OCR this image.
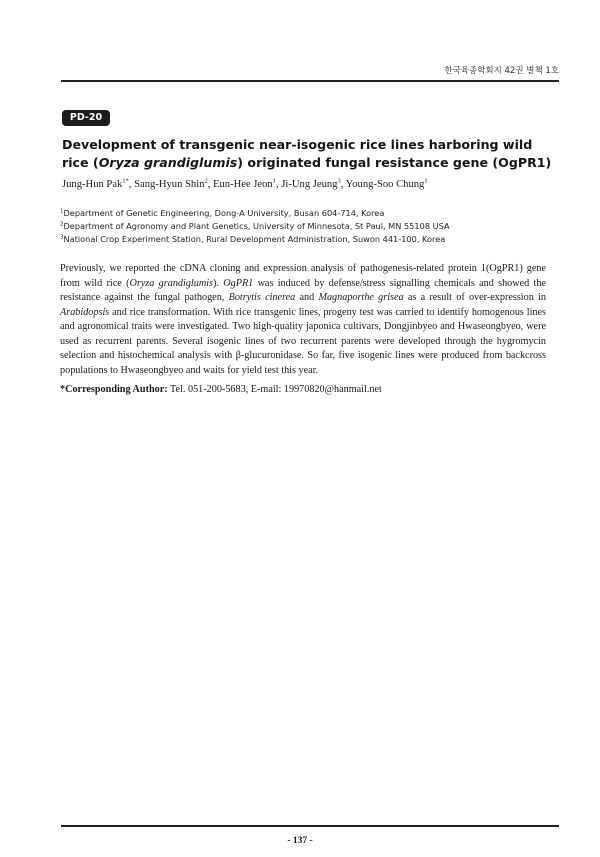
한국육종학회지 42권 별책 1호
PD-20
Development of transgenic near-isogenic rice lines harboring wild rice (Oryza grandiglumis) originated fungal resistance gene (OgPR1)
Jung-Hun Pak$^{1*}$, Sang-Hyun Shin$^2$, Eun-Hee Jeon$^1$, Ji-Ung Jeung$^3$, Young-Soo Chung$^1$
$^1$Department of Genetic Engineering, Dong-A University, Busan 604-714, Korea
$^2$Department of Agronomy and Plant Genetics, University of Minnesota, St Paul, MN 55108 USA
$^3$National Crop Experiment Station, Rural Development Administration, Suwon 441-100, Korea

Previously, we reported the cDNA cloning and expression analysis of pathogenesis-related protein 1(OgPR1) gene from wild rice (Oryza grandiglumis). OgPR1 was induced by defense/stress signalling chemicals and showed the resistance against the fungal pathogen, Botrytis cinerea and Magnaporthe grisea as a result of over-expression in Arabidopsis and rice transformation. With rice transgenic lines, progeny test was carried to identify homogenous lines and agronomical traits were investigated. Two high-quality japonica cultivars, Dongjinbyeo and Hwaseongbyeo, were used as recurrent parents. Several isogenic lines of two recurrent parents were developed through the hygromycin selection and histochemical analysis with β-glucuronidase. So far, five isogenic lines were produced from backcross populations to Hwaseongbyeo and waits for yield test this year.

*Corresponding Author: Tel. 051-200-5683, E-mail: 19970820@hanmail.net
- 137 -
